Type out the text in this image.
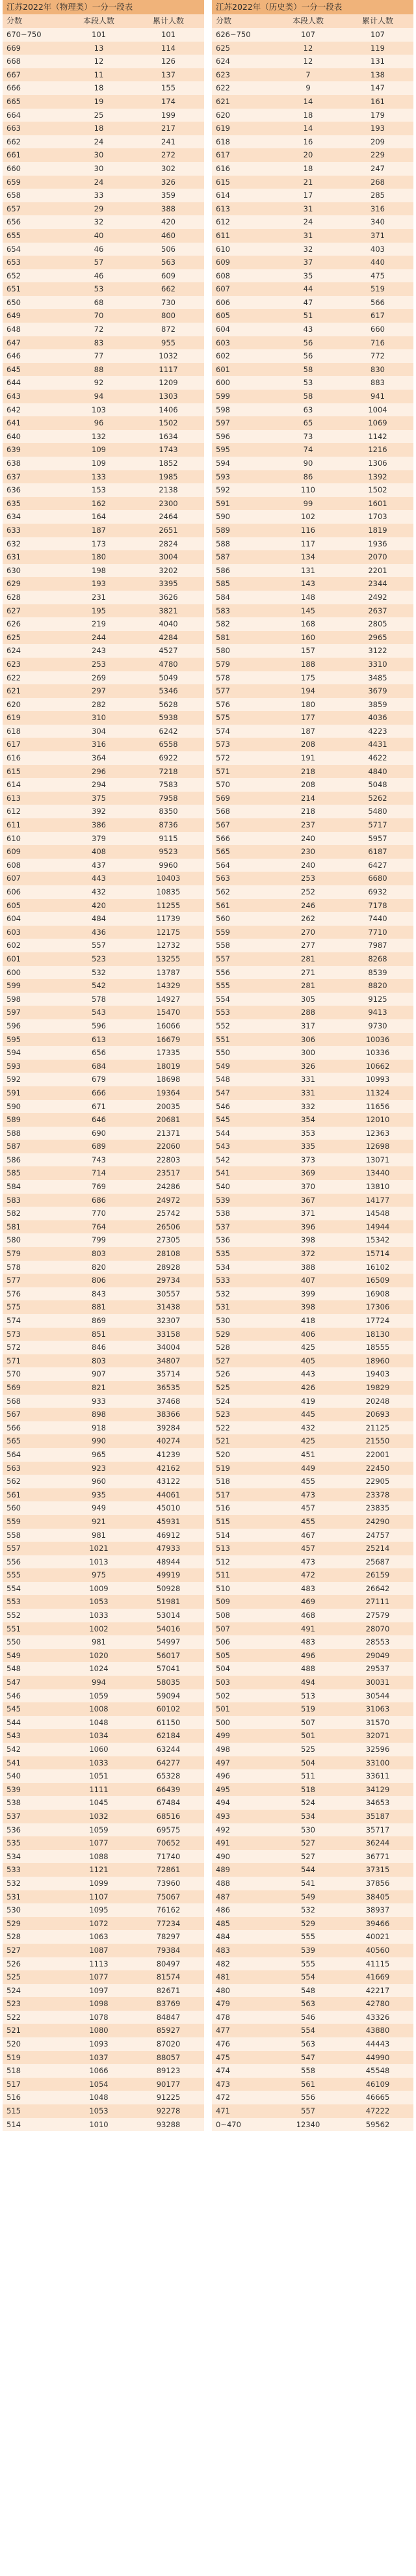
江苏2022年（物理类）一分一段表
分数	本段人数	累计人数
670~750	101	101
669	13	114
668	12	126
667	11	137
666	18	155
665	19	174
664	25	199
663	18	217
662	24	241
661	30	272
660	30	302
659	24	326
658	33	359
657	29	388
656	32	420
655	40	460
654	46	506
653	57	563
652	46	609
651	53	662
650	68	730
649	70	800
648	72	872
647	83	955
646	77	1032
645	88	1117
644	92	1209
643	94	1303
642	103	1406
641	96	1502
640	132	1634
639	109	1743
638	109	1852
637	133	1985
636	153	2138
635	162	2300
634	164	2464
633	187	2651
632	173	2824
631	180	3004
630	198	3202
629	193	3395
628	231	3626
627	195	3821
626	219	4040
625	244	4284
624	243	4527
623	253	4780
622	269	5049
621	297	5346
620	282	5628
619	310	5938
618	304	6242
617	316	6558
616	364	6922
615	296	7218
614	294	7583
613	375	7958
612	392	8350
611	386	8736
610	379	9115
609	408	9523
608	437	9960
607	443	10403
606	432	10835
605	420	11255
604	484	11739
603	436	12175
602	557	12732
601	523	13255
600	532	13787
599	542	14329
598	578	14927
597	543	15470
596	596	16066
595	613	16679
594	656	17335
593	684	18019
592	679	18698
591	666	19364
590	671	20035
589	646	20681
588	690	21371
587	689	22060
586	743	22803
585	714	23517
584	769	24286
583	686	24972
582	770	25742
581	764	26506
580	799	27305
579	803	28108
578	820	28928
577	806	29734
576	843	30557
575	881	31438
574	869	32307
573	851	33158
572	846	34004
571	803	34807
570	907	35714
569	821	36535
568	933	37468
567	898	38366
566	918	39284
565	990	40274
564	965	41239
563	923	42162
562	960	43122
561	935	44061
560	949	45010
559	921	45931
558	981	46912
557	1021	47933
556	1013	48944
555	975	49919
554	1009	50928
553	1053	51981
552	1033	53014
551	1002	54016
550	981	54997
549	1020	56017
548	1024	57041
547	994	58035
546	1059	59094
545	1008	60102
544	1048	61150
543	1034	62184
542	1060	63244
541	1033	64277
540	1051	65328
539	1111	66439
538	1045	67484
537	1032	68516
536	1059	69575
535	1077	70652
534	1088	71740
533	1121	72861
532	1099	73960
531	1107	75067
530	1095	76162
529	1072	77234
528	1063	78297
527	1087	79384
526	1113	80497
525	1077	81574
524	1097	82671
523	1098	83769
522	1078	84847
521	1080	85927
520	1093	87020
519	1037	88057
518	1066	89123
517	1054	90177
516	1048	91225
515	1053	92278
514	1010	93288
江苏2022年（历史类）一分一段表
分数	本段人数	累计人数
626~750	107	107
625	12	119
624	12	131
623	7	138
622	9	147
621	14	161
620	18	179
619	14	193
618	16	209
617	20	229
616	18	247
615	21	268
614	17	285
613	31	316
612	24	340
611	31	371
610	32	403
609	37	440
608	35	475
607	44	519
606	47	566
605	51	617
604	43	660
603	56	716
602	56	772
601	58	830
600	53	883
599	58	941
598	63	1004
597	65	1069
596	73	1142
595	74	1216
594	90	1306
593	86	1392
592	110	1502
591	99	1601
590	102	1703
589	116	1819
588	117	1936
587	134	2070
586	131	2201
585	143	2344
584	148	2492
583	145	2637
582	168	2805
581	160	2965
580	157	3122
579	188	3310
578	175	3485
577	194	3679
576	180	3859
575	177	4036
574	187	4223
573	208	4431
572	191	4622
571	218	4840
570	208	5048
569	214	5262
568	218	5480
567	237	5717
566	240	5957
565	230	6187
564	240	6427
563	253	6680
562	252	6932
561	246	7178
560	262	7440
559	270	7710
558	277	7987
557	281	8268
556	271	8539
555	281	8820
554	305	9125
553	288	9413
552	317	9730
551	306	10036
550	300	10336
549	326	10662
548	331	10993
547	331	11324
546	332	11656
545	354	12010
544	353	12363
543	335	12698
542	373	13071
541	369	13440
540	370	13810
539	367	14177
538	371	14548
537	396	14944
536	398	15342
535	372	15714
534	388	16102
533	407	16509
532	399	16908
531	398	17306
530	418	17724
529	406	18130
528	425	18555
527	405	18960
526	443	19403
525	426	19829
524	419	20248
523	445	20693
522	432	21125
521	425	21550
520	451	22001
519	449	22450
518	455	22905
517	473	23378
516	457	23835
515	455	24290
514	467	24757
513	457	25214
512	473	25687
511	472	26159
510	483	26642
509	469	27111
508	468	27579
507	491	28070
506	483	28553
505	496	29049
504	488	29537
503	494	30031
502	513	30544
501	519	31063
500	507	31570
499	501	32071
498	525	32596
497	504	33100
496	511	33611
495	518	34129
494	524	34653
493	534	35187
492	530	35717
491	527	36244
490	527	36771
489	544	37315
488	541	37856
487	549	38405
486	532	38937
485	529	39466
484	555	40021
483	539	40560
482	555	41115
481	554	41669
480	548	42217
479	563	42780
478	546	43326
477	554	43880
476	563	44443
475	547	44990
474	558	45548
473	561	46109
472	556	46665
471	557	47222
0~470	12340	59562
